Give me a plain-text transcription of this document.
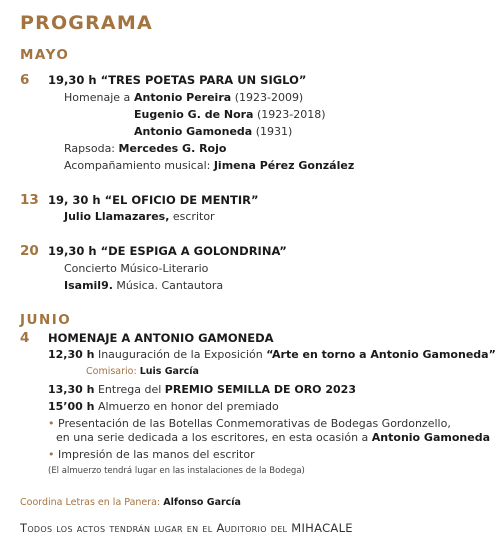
PROGRAMA
MAYO
6 19,30 h “TRES POETAS PARA UN SIGLO”
Homenaje a Antonio Pereira (1923-2009)
Eugenio G. de Nora (1923-2018)
Antonio Gamoneda (1931)
Rapsoda: Mercedes G. Rojo
Acompañamiento musical: Jimena Pérez González
13 19, 30 h “EL OFICIO DE MENTIR”
Julio Llamazares, escritor
20 19,30 h “DE ESPIGA A GOLONDRINA”
Concierto Músico-Literario
Isamil9. Música. Cantautora
JUNIO
4 HOMENAJE A ANTONIO GAMONEDA
12,30 h Inauguración de la Exposición “Arte en torno a Antonio Gamoneda”
Comisario: Luis García
13,30 h Entrega del PREMIO SEMILLA DE ORO 2023
15’00 h Almuerzo en honor del premiado
• Presentación de las Botellas Conmemorativas de Bodegas Gordonzello,
en una serie dedicada a los escritores, en esta ocasión a Antonio Gamoneda
• Impresión de las manos del escritor
(El almuerzo tendrá lugar en las instalaciones de la Bodega)
Coordina Letras en la Panera: Alfonso García
Todos los actos tendrán lugar en el Auditorio del MIHACALE
